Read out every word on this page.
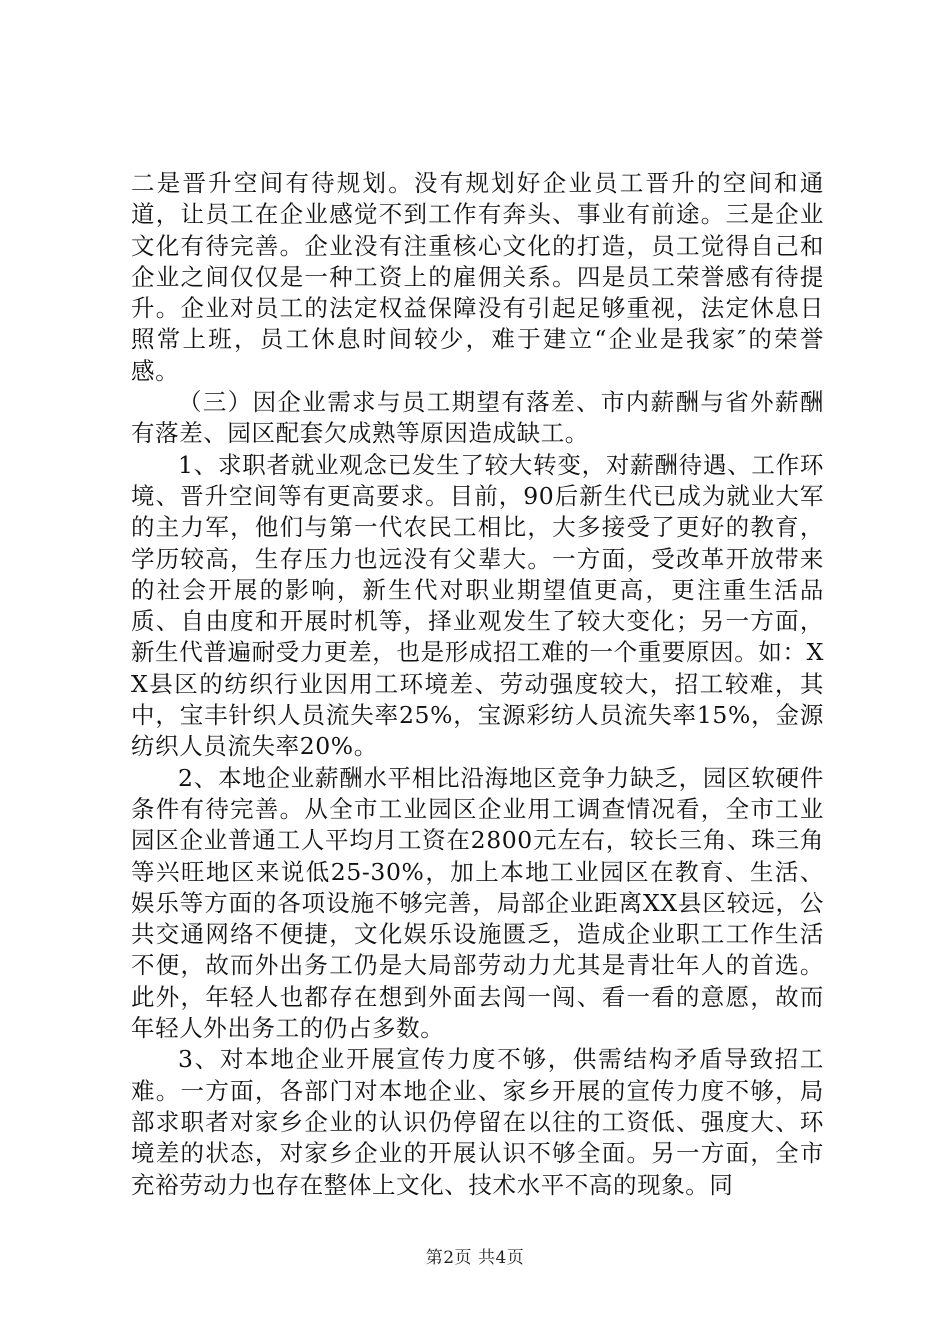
二是晋升空间有待规划。没有规划好企业员工晋升的空间和通道，让员工在企业感觉不到工作有奔头、事业有前途。三是企业文化有待完善。企业没有注重核心文化的打造，员工觉得自己和企业之间仅仅是一种工资上的雇佣关系。四是员工荣誉感有待提升。企业对员工的法定权益保障没有引起足够重视，法定休息日照常上班，员工休息时间较少，难于建立“企业是我家″的荣誉感。

（三）因企业需求与员工期望有落差、市内薪酬与省外薪酬有落差、园区配套欠成熟等原因造成缺工。

1、求职者就业观念已发生了较大转变，对薪酬待遇、工作环境、晋升空间等有更高要求。目前，90后新生代已成为就业大军的主力军，他们与第一代农民工相比，大多接受了更好的教育，学历较高，生存压力也远没有父辈大。一方面，受改革开放带来的社会开展的影响，新生代对职业期望值更高，更注重生活品质、自由度和开展时机等，择业观发生了较大变化；另一方面，新生代普遍耐受力更差，也是形成招工难的一个重要原因。如：XX县区的纺织行业因用工环境差、劳动强度较大，招工较难，其中，宝丰针织人员流失率25%，宝源彩纺人员流失率15%，金源纺织人员流失率20%。

2、本地企业薪酬水平相比沿海地区竞争力缺乏，园区软硬件条件有待完善。从全市工业园区企业用工调查情况看，全市工业园区企业普通工人平均月工资在2800元左右，较长三角、珠三角等兴旺地区来说低25-30%，加上本地工业园区在教育、生活、娱乐等方面的各项设施不够完善，局部企业距离XX县区较远，公共交通网络不便捷，文化娱乐设施匮乏，造成企业职工工作生活不便，故而外出务工仍是大局部劳动力尤其是青壮年人的首选。此外，年轻人也都存在想到外面去闯一闯、看一看的意愿，故而年轻人外出务工的仍占多数。

3、对本地企业开展宣传力度不够，供需结构矛盾导致招工难。一方面，各部门对本地企业、家乡开展的宣传力度不够，局部求职者对家乡企业的认识仍停留在以往的工资低、强度大、环境差的状态，对家乡企业的开展认识不够全面。另一方面，全市充裕劳动力也存在整体上文化、技术水平不高的现象。同

第2页 共4页
